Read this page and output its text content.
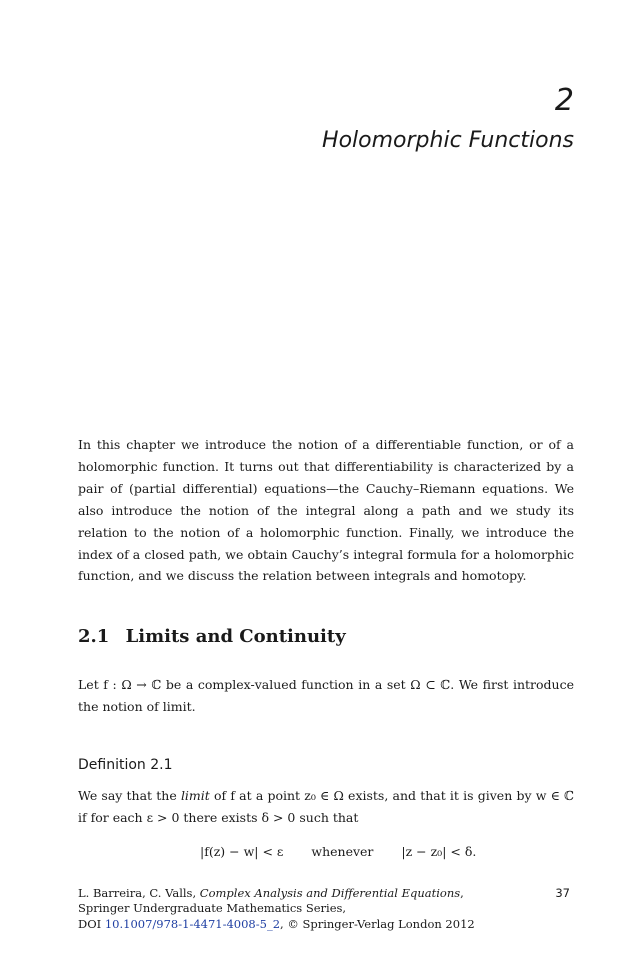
2
Holomorphic Functions

In this chapter we introduce the notion of a differentiable function, or of a holomorphic function. It turns out that differentiability is characterized by a pair of (partial differential) equations—the Cauchy–Riemann equations. We also introduce the notion of the integral along a path and we study its relation to the notion of a holomorphic function. Finally, we introduce the index of a closed path, we obtain Cauchy’s integral formula for a holomorphic function, and we discuss the relation between integrals and homotopy.

2.1 Limits and Continuity

Let f : Ω → ℂ be a complex-valued function in a set Ω ⊂ ℂ. We first introduce the notion of limit.

Definition 2.1

We say that the limit of f at a point z₀ ∈ Ω exists, and that it is given by w ∈ ℂ if for each ε > 0 there exists δ > 0 such that

|f(z) − w| < ε whenever |z − z₀| < δ.
L. Barreira, C. Valls, Complex Analysis and Differential Equations,
Springer Undergraduate Mathematics Series,
DOI 10.1007/978-1-4471-4008-5_2, © Springer-Verlag London 2012
37
